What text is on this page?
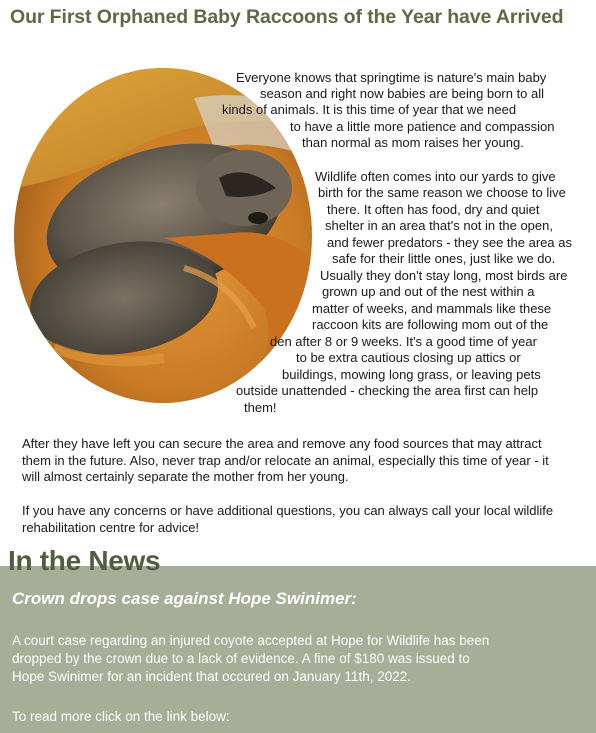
Our First Orphaned Baby Raccoons of the Year have Arrived
Everyone knows that springtime is nature's main baby
season and right now babies are being born to all
kinds of animals. It is this time of year that we need
to have a little more patience and compassion
than normal as mom raises her young.
Wildlife often comes into our yards to give
birth for the same reason we choose to live
there. It often has food, dry and quiet
shelter in an area that's not in the open,
and fewer predators - they see the area as
safe for their little ones, just like we do.
Usually they don't stay long, most birds are
grown up and out of the nest within a
matter of weeks, and mammals like these
raccoon kits are following mom out of the
den after 8 or 9 weeks. It's a good time of year
to be extra cautious closing up attics or
buildings, mowing long grass, or leaving pets
outside unattended - checking the area first can help
them!
After they have left you can secure the area and remove any food sources that may attract
them in the future. Also, never trap and/or relocate an animal, especially this time of year - it
will almost certainly separate the mother from her young.
If you have any concerns or have additional questions, you can always call your local wildlife
rehabilitation centre for advice!
In the News
Crown drops case against Hope Swinimer:
A court case regarding an injured coyote accepted at Hope for Wildlife has been
dropped by the crown due to a lack of evidence. A fine of $180 was issued to
Hope Swinimer for an incident that occured on January 11th, 2022.
To read more click on the link below:
